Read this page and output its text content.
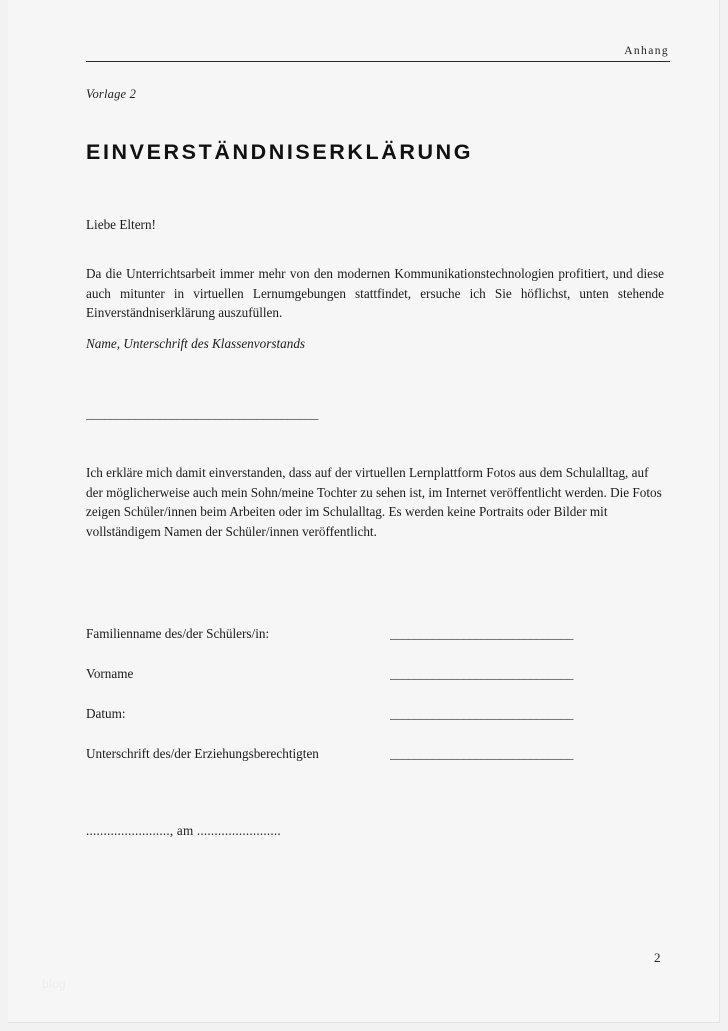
Anhang
Vorlage 2
EINVERSTÄNDNISERKLÄRUNG
Liebe Eltern!

Da die Unterrichtsarbeit immer mehr von den modernen Kommunikationstechnologien profitiert, und diese auch mitunter in virtuellen Lernumgebungen stattfindet, ersuche ich Sie höflichst, unten stehende Einverständniserklärung auszufüllen.

Name, Unterschrift des Klassenvorstands
______________________________________

Ich erkläre mich damit einverstanden, dass auf der virtuellen Lernplattform Fotos aus dem Schulalltag, auf der möglicherweise auch mein Sohn/meine Tochter zu sehen ist, im Internet veröffentlicht werden. Die Fotos zeigen Schüler/innen beim Arbeiten oder im Schulalltag. Es werden keine Portraits oder Bilder mit vollständigem Namen der Schüler/innen veröffentlicht.

Familienname des/der Schülers/in:	______________________________
Vorname	______________________________
Datum:	______________________________
Unterschrift des/der Erziehungsberechtigten	______________________________
........................, am ........................
2
blog
